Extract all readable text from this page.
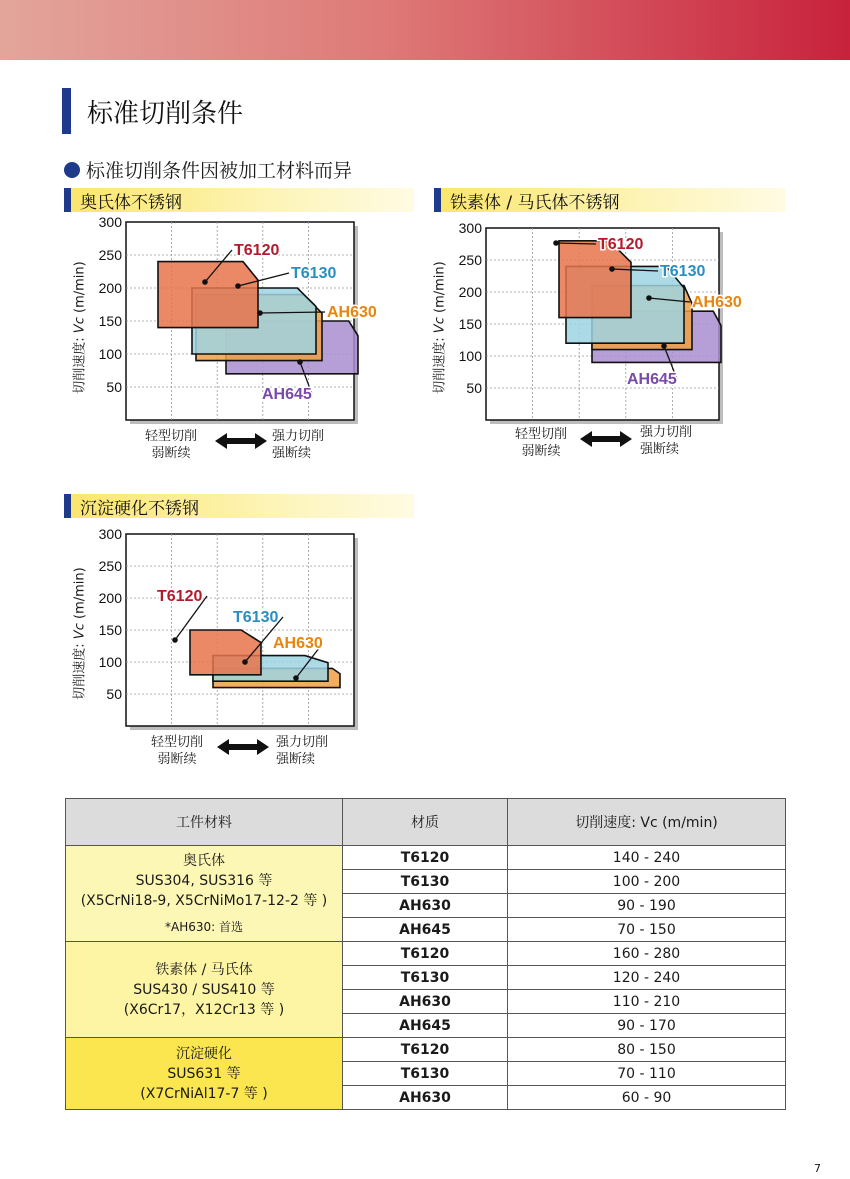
标准切削条件
标准切削条件因被加工材料而异
奥氏体不锈钢	铁素体 / 马氏体不锈钢
沉淀硬化不锈钢
切削速度: Vc (m/min)
切削速度: Vc (m/min)
切削速度: Vc (m/min)
300
250
200
150
100
50
T6120
T6130
AH630
AH645
300
250
200
150
100
50
T6120
T6130
AH630
AH645
300
250
200
150
100
50
T6120
T6130
AH630
轻型切削
弱断续
强力切削
强断续
轻型切削
弱断续
强力切削
强断续
轻型切削
弱断续
强力切削
强断续
工件材料	材质	切削速度: Vc (m/min)

奥氏体
SUS304, SUS316 等
(X5CrNi18-9, X5CrNiMo17-12-2 等 )
*AH630: 首选	T6120	140 - 240
	T6130	100 - 200
	AH630	90 - 190
	AH645	70 - 150

铁素体 / 马氏体
SUS430 / SUS410 等
(X6Cr17，X12Cr13 等 )	T6120	160 - 280
	T6130	120 - 240
	AH630	110 - 210
	AH645	90 - 170

沉淀硬化
SUS631 等
(X7CrNiAl17-7 等 )	T6120	80 - 150
	T6130	70 - 110
	AH630	60 - 90
7
